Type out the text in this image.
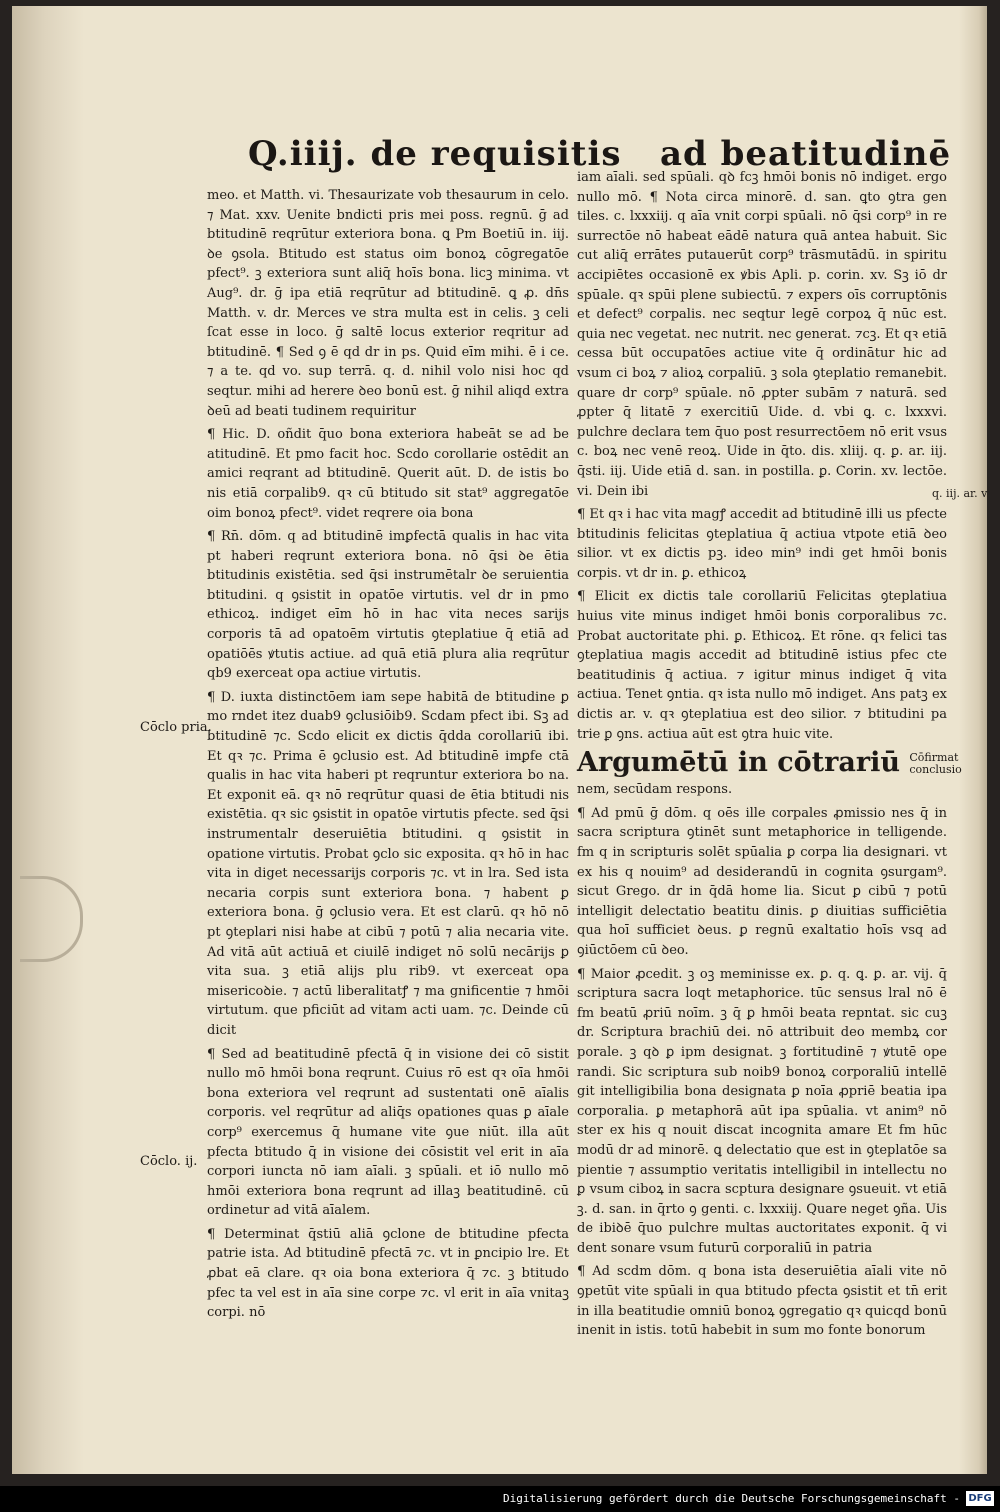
Q.iiij. de requisitis ad beatitudinē

meo. et Matth. vi. Thesaurizate vob thesaurum in celo. ⁊ Mat. xxv. Uenite bndicti pris mei poss. regnū. ḡ ad btitudinē reqrūtur exteriora bona. ꝗ Pm Boetiū in. iij. ꝺe ꝯsola. Btitudo est status oim bonoꝝ cōgregatōe pfect⁹. ꝫ exteriora sunt aliq̄ hoīs bona. licꝫ minima. vt Aug⁹. dr. ḡ ipa etiā reqrūtur ad btitudinē. ꝗ ꝓ. dn̄s Matth. v. dr. Merces ve stra multa est in celis. ꝫ celi ſcat esse in loco. ḡ saltē locus exterior reqritur ad btitudinē. ¶ Sed ꝯ ē qd dr in ps. Quid eīm mihi. ē i ce. ⁊ a te. qd vo. sup terrā. q. d. nihil volo nisi hoc qd seqtur. mihi ad herere ꝺeo bonū est. ḡ nihil aliqd extra ꝺeū ad beati tudinem requiritur

¶ Hic. D. oñdit q̄uo bona exteriora habeāt se ad be atitudinē. Et pmo facit hoc. Scdo corollarie ostēdit an amici reqrant ad btitudinē. Querit aūt. D. de istis bo nis etiā corpalib9. qꝛ cū btitudo sit stat⁹ aggregatōe oim bonoꝝ pfect⁹. videt reqrere oia bona

¶ Rn̄. dōm. q ad btitudinē imꝑfectā qualis in hac vita pt haberi reqrunt exteriora bona. nō q̄si ꝺe ētia btitudinis existētia. sed q̄si instrumētalr ꝺe seruientia btitudini. q ꝯsistit in opatōe virtutis. vel dr in pmo ethicoꝝ. indiget eīm hō in hac vita neces sarijs corporis tā ad opatoēm virtutis ꝯteplatiue q̄ etiā ad opatiōēs ꝟtutis actiue. ad quā etiā plura alia reqrūtur qb9 exerceat opa actiue virtutis.

¶ D. iuxta distinctōem iam sepe habitā de btitudine ꝑ mo rndet itez duab9 ꝯclusiōib9. Scdam pfect ibi. Sꝫ ad btitudinē ⁊c. Scdo elicit ex dictis q̄dda corollariū ibi. Et qꝛ ⁊c. Prima ē ꝯclusio est. Ad btitudinē imꝑfe ctā qualis in hac vita haberi pt reqruntur exteriora bo na. Et exponit eā. qꝛ nō reqrūtur quasi de ētia btitudi nis existētia. qꝛ sic ꝯsistit in opatōe virtutis pfecte. sed q̄si instrumentalr deseruiētia btitudini. q ꝯsistit in opatione virtutis. Probat ꝯclo sic exposita. qꝛ hō in hac vita in diget necessarijs corporis ⁊c. vt in lra. Sed ista necaria corpis sunt exteriora bona. ⁊ habent ꝑ exteriora bona. ḡ ꝯclusio vera. Et est clarū. qꝛ hō nō pt ꝯteplari nisi habe at cibū ⁊ potū ⁊ alia necaria vite. Ad vitā aūt actiuā et ciuilē indiget nō solū necārijs ꝑ vita sua. ꝫ etiā alijs plu rib9. vt exerceat opa misericoꝺie. ⁊ actū liberalitatꝭ ⁊ ma gnificentie ⁊ hmōi virtutum. que pficiūt ad vitam acti uam. ⁊c. Deinde cū dicit

¶ Sed ad beatitudinē pfectā q̄ in visione dei cō sistit nullo mō hmōi bona reqrunt. Cuius rō est qꝛ oīa hmōi bona exteriora vel reqrunt ad sustentati onē aīalis corporis. vel reqrūtur ad aliq̄s opationes quas ꝑ aīale corp⁹ exercemus q̄ humane vite ꝯue niūt. illa aūt pfecta btitudo q̄ in visione dei cōsistit vel erit in aīa corpori iuncta nō iam aīali. ꝫ spūali. et iō nullo mō hmōi exteriora bona reqrunt ad illaꝫ beatitudinē. cū ordinetur ad vitā aīalem.

¶ Determinat q̄stiū aliā ꝯclone de btitudine pfecta patrie ista. Ad btitudinē pfectā ⁊c. vt in ꝑncipio lre. Et ꝓbat eā clare. qꝛ oia bona exteriora q̄ ⁊c. ꝫ btitudo pfec ta vel est in aīa sine corpe ⁊c. vl erit in aīa vnitaꝫ corpi. nō

iam aīali. sed spūali. qꝺ fcꝫ hmōi bonis nō indiget. ergo nullo mō. ¶ Nota circa minorē. d. san. ꝗto ꝯtra gen tiles. c. lxxxiij. q aīa vnit corpi spūali. nō q̄si corp⁹ in re surrectōe nō habeat eādē natura quā antea habuit. Sic cut aliq̄ errātes putauerūt corp⁹ trāsmutādū. in spiritu accipiētes occasionē ex ꝟbis Apli. p. corin. xv. Sꝫ iō dr spūale. qꝛ spūi plene subiectū. ⁊ expers oīs corruptōnis et defect⁹ corpalis. nec seqtur legē corpoꝝ q̄ nūc est. quia nec vegetat. nec nutrit. nec generat. ⁊cꝫ. Et qꝛ etiā cessa būt occupatōes actiue vite q̄ ordinātur hic ad vsum ci boꝝ ⁊ alioꝝ corpaliū. ꝫ sola ꝯteplatio remanebit. quare dr corp⁹ spūale. nō ꝓpter subām ⁊ naturā. sed ꝓpter q̄ litatē ⁊ exercitiū Uide. d. vbi ꝗ. c. lxxxvi. pulchre declara tem q̄uo post resurrectōem nō erit vsus c. boꝝ nec venē reoꝝ. Uide in q̄to. dis. xliij. q. ꝑ. ar. iij. q̄sti. iij. Uide etiā d. san. in postilla. ꝑ. Corin. xv. lectōe. vi. Dein ibi

¶ Et qꝛ i hac vita magꝭ accedit ad btitudinē illi us pfecte btitudinis felicitas ꝯteplatiua q̄ actiua vtpote etiā ꝺeo silior. vt ex dictis pꝫ. ideo min⁹ indi get hmōi bonis corpis. vt dr in. ꝑ. ethicoꝝ

¶ Elicit ex dictis tale corollariū Felicitas ꝯteplatiua huius vite minus indiget hmōi bonis corporalibus ⁊c. Probat auctoritate phi. ꝑ. Ethicoꝝ. Et rōne. qꝛ felici tas ꝯteplatiua magis accedit ad btitudinē istius pfec cte beatitudinis q̄ actiua. ⁊ igitur minus indiget q̄ vita actiua. Tenet ꝯntia. qꝛ ista nullo mō indiget. Ans patꝫ ex dictis ar. v. qꝛ ꝯteplatiua est deo silior. ⁊ btitudini pa trie ꝑ ꝯns. actiua aūt est ꝯtra huic vite.

Argumētū in cōtrariū Cōfirmat
conclusio

nem, secūdam respons.

¶ Ad pmū ḡ dōm. q oēs ille corpales ꝓmissio nes q̄ in sacra scriptura ꝯtinēt sunt metaphorice in telligende. fm q in scripturis solēt spūalia ꝑ corpa lia designari. vt ex his q nouim⁹ ad desiderandū in cognita ꝯsurgam⁹. sicut Grego. dr in q̄dā home lia. Sicut ꝑ cibū ⁊ potū intelligit delectatio beatitu dinis. ꝑ diuitias sufficiētia qua hoī sufficiet ꝺeus. ꝑ regnū exaltatio hoīs vsq ad ꝯiūctōem cū ꝺeo.

¶ Maior ꝓcedit. ꝫ oꝫ meminisse ex. ꝑ. q. ꝗ. ꝑ. ar. vij. q̄ scriptura sacra loqt metaphorice. tūc sensus lral nō ē fm beatū ꝓriū noīm. ꝫ q̄ ꝑ hmōi beata repntat. sic cuꝫ dr. Scriptura brachiū dei. nō attribuit deo membꝝ cor porale. ꝫ qꝺ ꝑ ipm designat. ꝫ fortitudinē ⁊ ꝟtutē ope randi. Sic scriptura sub noib9 bonoꝝ corporaliū intellē git intelligibilia bona designata ꝑ noīa ꝓpriē beatia ipa corporalia. ꝑ metaphorā aūt ipa spūalia. vt anim⁹ nō ster ex his q nouit discat incognita amare Et fm hūc modū dr ad minorē. ꝗ delectatio que est in ꝯteplatōe sa pientie ⁊ assumptio veritatis intelligibil in intellectu no ꝑ vsum ciboꝝ in sacra scptura designare ꝯsueuit. vt etiā ꝫ. d. san. in q̄rto ꝯ genti. c. lxxxiij. Quare neget ꝯña. Uis de ibiꝺē q̄uo pulchre multas auctoritates exponit. q̄ vi dent sonare vsum futurū corporaliū in patria

¶ Ad scdm dōm. q bona ista deseruiētia aīali vite nō ꝯpetūt vite spūali in qua btitudo pfecta ꝯsistit et tn̄ erit in illa beatitudie omniū bonoꝝ ꝯgregatio qꝛ quicqd bonū inenit in istis. totū habebit in sum mo fonte bonorum

Cōclo pria.
Cōclo. ij.
q. iij. ar. v
Digitalisierung gefördert durch die Deutsche Forschungsgemeinschaft - DFG
